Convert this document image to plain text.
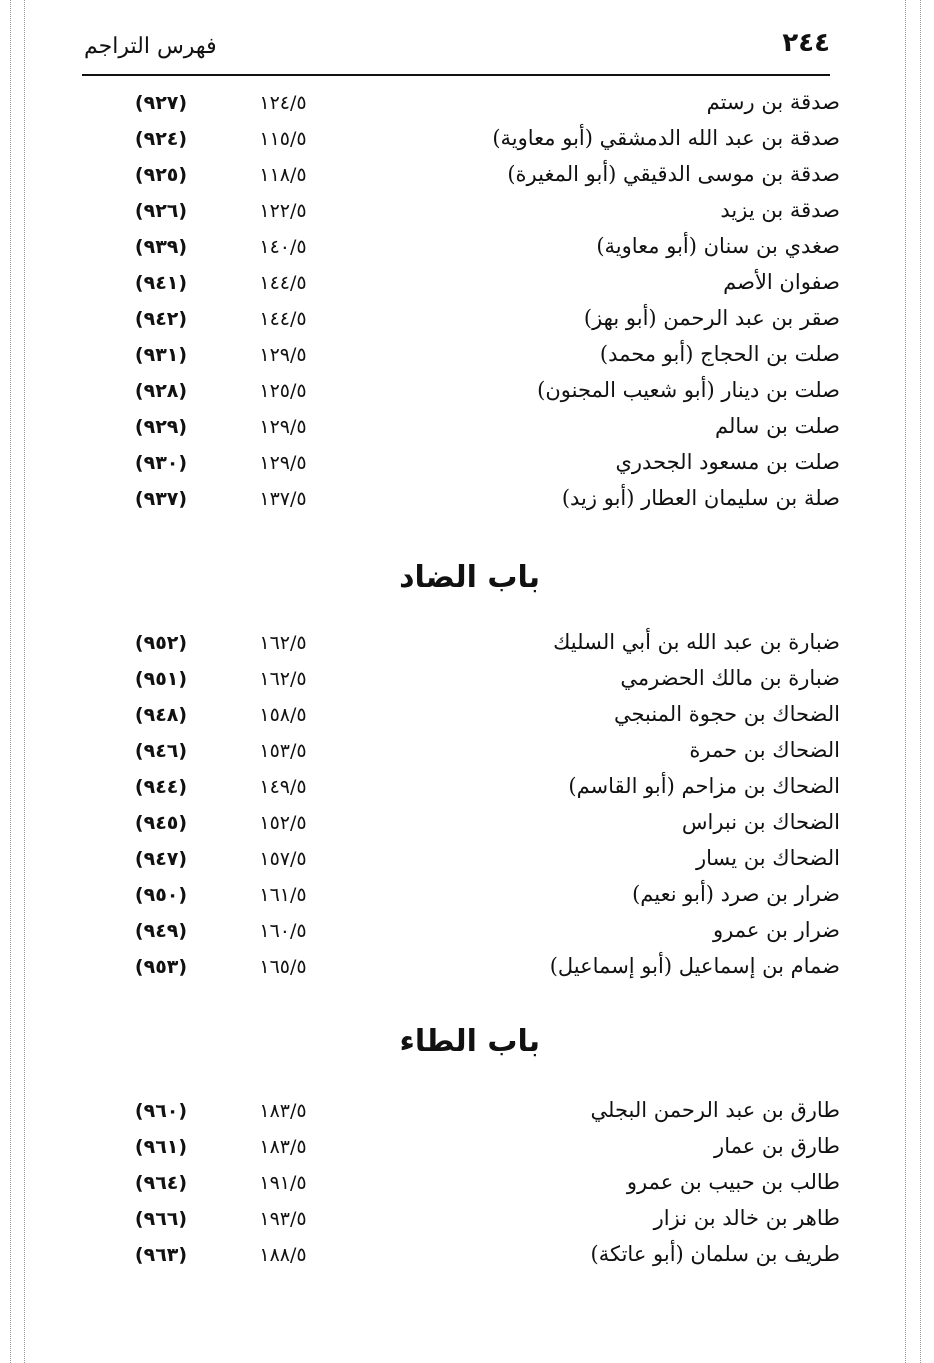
٢٤٤
فهرس التراجم
صدقة بن رستم
١٢٤/٥
(٩٢٧)
صدقة بن عبد الله الدمشقي (أبو معاوية)
١١٥/٥
(٩٢٤)
صدقة بن موسى الدقيقي (أبو المغيرة)
١١٨/٥
(٩٢٥)
صدقة بن يزيد
١٢٢/٥
(٩٢٦)
صغدي بن سنان (أبو معاوية)
١٤٠/٥
(٩٣٩)
صفوان الأصم
١٤٤/٥
(٩٤١)
صقر بن عبد الرحمن (أبو بهز)
١٤٤/٥
(٩٤٢)
صلت بن الحجاج (أبو محمد)
١٢٩/٥
(٩٣١)
صلت بن دينار (أبو شعيب المجنون)
١٢٥/٥
(٩٢٨)
صلت بن سالم
١٢٩/٥
(٩٢٩)
صلت بن مسعود الجحدري
١٢٩/٥
(٩٣٠)
صلة بن سليمان العطار (أبو زيد)
١٣٧/٥
(٩٣٧)
باب الضاد
ضبارة بن عبد الله بن أبي السليك
١٦٢/٥
(٩٥٢)
ضبارة بن مالك الحضرمي
١٦٢/٥
(٩٥١)
الضحاك بن حجوة المنبجي
١٥٨/٥
(٩٤٨)
الضحاك بن حمرة
١٥٣/٥
(٩٤٦)
الضحاك بن مزاحم (أبو القاسم)
١٤٩/٥
(٩٤٤)
الضحاك بن نبراس
١٥٢/٥
(٩٤٥)
الضحاك بن يسار
١٥٧/٥
(٩٤٧)
ضرار بن صرد (أبو نعيم)
١٦١/٥
(٩٥٠)
ضرار بن عمرو
١٦٠/٥
(٩٤٩)
ضمام بن إسماعيل (أبو إسماعيل)
١٦٥/٥
(٩٥٣)
باب الطاء
طارق بن عبد الرحمن البجلي
١٨٣/٥
(٩٦٠)
طارق بن عمار
١٨٣/٥
(٩٦١)
طالب بن حبيب بن عمرو
١٩١/٥
(٩٦٤)
طاهر بن خالد بن نزار
١٩٣/٥
(٩٦٦)
طريف بن سلمان (أبو عاتكة)
١٨٨/٥
(٩٦٣)
